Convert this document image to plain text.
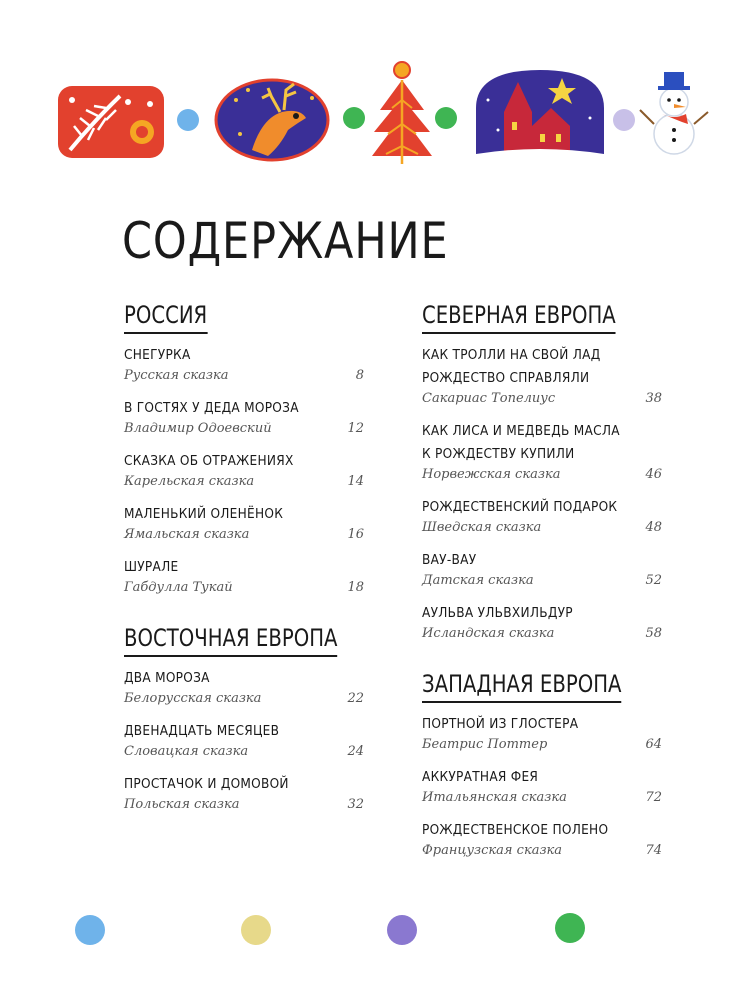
СОДЕРЖАНИЕ
РОССИЯ
СНЕГУРКА
Русская сказка	8
В ГОСТЯХ У ДЕДА МОРОЗА
Владимир Одоевский	12
СКАЗКА ОБ ОТРАЖЕНИЯХ
Карельская сказка	14
МАЛЕНЬКИЙ ОЛЕНЁНОК
Ямальская сказка	16
ШУРАЛЕ
Габдулла Тукай	18
ВОСТОЧНАЯ ЕВРОПА
ДВА МОРОЗА
Белорусская сказка	22
ДВЕНАДЦАТЬ МЕСЯЦЕВ
Словацкая сказка	24
ПРОСТАЧОК И ДОМОВОЙ
Польская сказка	32
СЕВЕРНАЯ ЕВРОПА
КАК ТРОЛЛИ НА СВОЙ ЛАД
РОЖДЕСТВО СПРАВЛЯЛИ
Сакариас Топелиус	38
КАК ЛИСА И МЕДВЕДЬ МАСЛА
К РОЖДЕСТВУ КУПИЛИ
Норвежская сказка	46
РОЖДЕСТВЕНСКИЙ ПОДАРОК
Шведская сказка	48
ВАУ-ВАУ
Датская сказка	52
АУЛЬВА УЛЬВХИЛЬДУР
Исландская сказка	58
ЗАПАДНАЯ ЕВРОПА
ПОРТНОЙ ИЗ ГЛОСТЕРА
Беатрис Поттер	64
АККУРАТНАЯ ФЕЯ
Итальянская сказка	72
РОЖДЕСТВЕНСКОЕ ПОЛЕНО
Французская сказка	74
